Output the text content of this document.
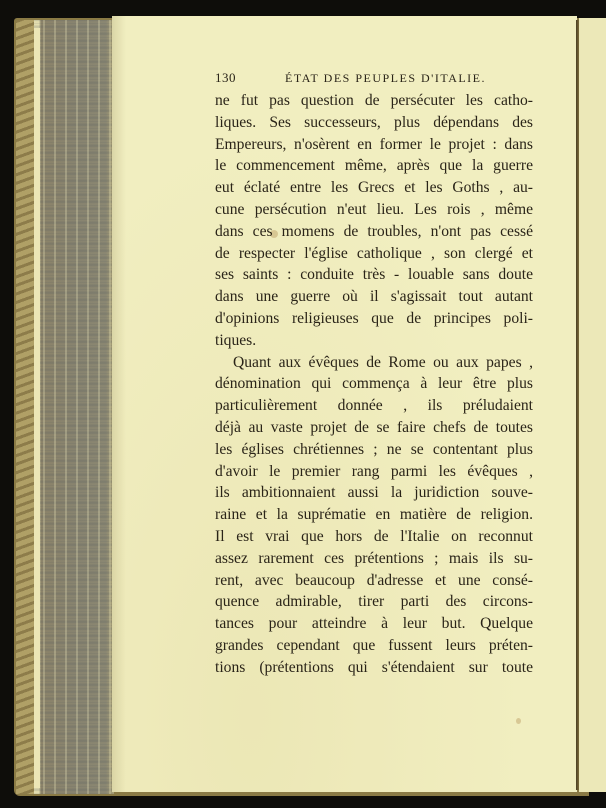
130	ÉTAT DES PEUPLES D'ITALIE.
ne fut pas question de persécuter les catho-
liques. Ses successeurs, plus dépendans des
Empereurs, n'osèrent en former le projet : dans
le commencement même, après que la guerre
eut éclaté entre les Grecs et les Goths , au-
cune persécution n'eut lieu. Les rois , même
dans ces momens de troubles, n'ont pas cessé
de respecter l'église catholique , son clergé et
ses saints : conduite très - louable sans doute
dans une guerre où il s'agissait tout autant
d'opinions religieuses que de principes poli-
tiques.
Quant aux évêques de Rome ou aux papes ,
dénomination qui commença à leur être plus
particulièrement donnée , ils préludaient
déjà au vaste projet de se faire chefs de toutes
les églises chrétiennes ; ne se contentant plus
d'avoir le premier rang parmi les évêques ,
ils ambitionnaient aussi la juridiction souve-
raine et la suprématie en matière de religion.
Il est vrai que hors de l'Italie on reconnut
assez rarement ces prétentions ; mais ils su-
rent, avec beaucoup d'adresse et une consé-
quence admirable, tirer parti des circons-
tances pour atteindre à leur but. Quelque
grandes cependant que fussent leurs préten-
tions (prétentions qui s'étendaient sur toute
